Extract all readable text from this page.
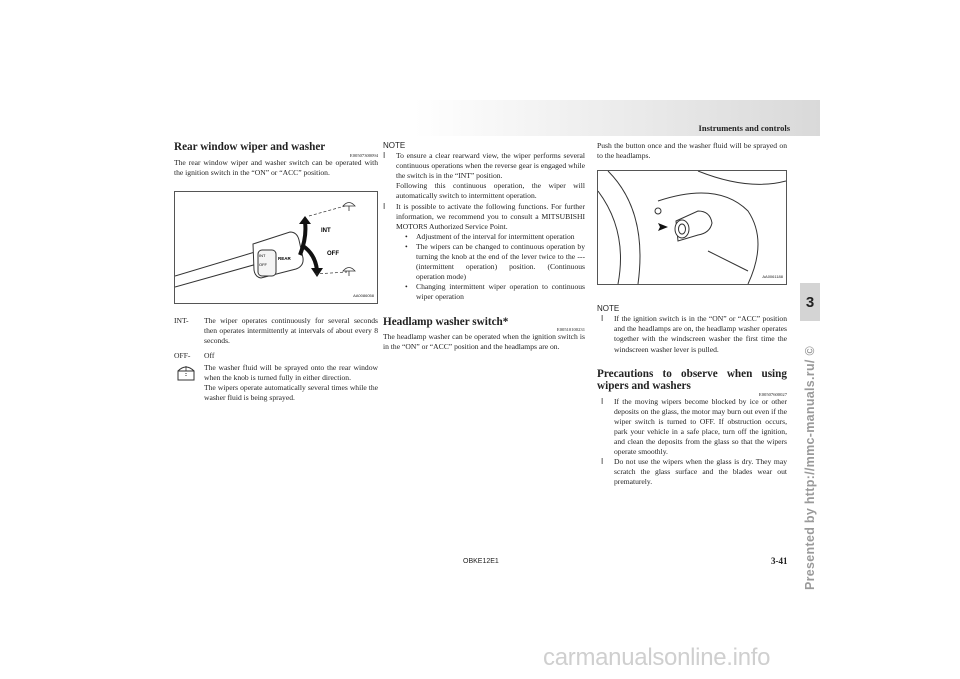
Instruments and controls
3
Rear window wiper and washer
E00507300094

The rear window wiper and washer switch can be operated with the ignition switch in the “ON” or “ACC” position.

INT
OFF
REAR
INT
OFF
AA0086058
INT-	The wiper operates continuously for several seconds then operates intermittently at intervals of about every 8 seconds.
OFF-	Off

The washer fluid will be sprayed onto the rear window when the knob is turned fully in either direction.

The wipers operate automatically several times while the washer fluid is being sprayed.

NOTE
l To ensure a clear rearward view, the wiper performs several continuous operations when the reverse gear is engaged while the switch is in the “INT” position.

Following this continuous operation, the wiper will automatically switch to intermittent operation.

l It is possible to activate the following functions. For further information, we recommend you to consult a MITSUBISHI MOTORS Authorized Service Point.

• Adjustment of the interval for intermittent operation

• The wipers can be changed to continuous operation by turning the knob at the end of the lever twice to the --- (intermittent operation) position. (Continuous operation mode)

• Changing intermittent wiper operation to continuous wiper operation

Headlamp washer switch*
E00510100231

The headlamp washer can be operated when the ignition switch is in the “ON” or “ACC” position and the headlamps are on.

Push the button once and the washer fluid will be sprayed on to the headlamps.

AA0061188
NOTE
l If the ignition switch is in the “ON” or “ACC” position and the headlamps are on, the headlamp washer operates together with the windscreen washer the first time the windscreen washer lever is pulled.

Precautions to observe when using wipers and washers
E00507600027
l If the moving wipers become blocked by ice or other deposits on the glass, the motor may burn out even if the wiper switch is turned to OFF. If obstruction occurs, park your vehicle in a safe place, turn off the ignition, and clean the deposits from the glass so that the wipers operate smoothly.

l Do not use the wipers when the glass is dry. They may scratch the glass surface and the blades wear out prematurely.

OBKE12E1	3-41 Presented by http://mmc-manuals.ru/ ©
carmanualsonline.info
